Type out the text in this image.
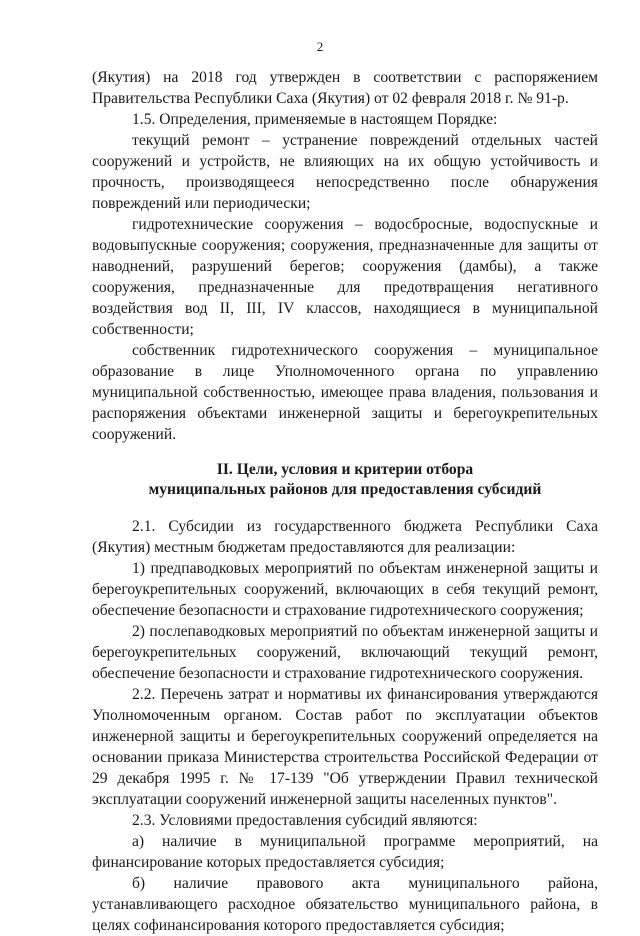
2

(Якутия) на 2018 год утвержден в соответствии с распоряжением Правительства Республики Саха (Якутия) от 02 февраля 2018 г. № 91-р.

1.5. Определения, применяемые в настоящем Порядке:

текущий ремонт – устранение повреждений отдельных частей сооружений и устройств, не влияющих на их общую устойчивость и прочность, производящееся непосредственно после обнаружения повреждений или периодически;

гидротехнические сооружения – водосбросные, водоспускные и водовыпускные сооружения; сооружения, предназначенные для защиты от наводнений, разрушений берегов; сооружения (дамбы), а также сооружения, предназначенные для предотвращения негативного воздействия вод II, III, IV классов, находящиеся в муниципальной собственности;

собственник гидротехнического сооружения – муниципальное образование в лице Уполномоченного органа по управлению муниципальной собственностью, имеющее права владения, пользования и распоряжения объектами инженерной защиты и берегоукрепительных сооружений.

II. Цели, условия и критерии отбора
муниципальных районов для предоставления субсидий

2.1. Субсидии из государственного бюджета Республики Саха (Якутия) местным бюджетам предоставляются для реализации:

1) предпаводковых мероприятий по объектам инженерной защиты и берегоукрепительных сооружений, включающих в себя текущий ремонт, обеспечение безопасности и страхование гидротехнического сооружения;

2) послепаводковых мероприятий по объектам инженерной защиты и берегоукрепительных сооружений, включающий текущий ремонт, обеспечение безопасности и страхование гидротехнического сооружения.

2.2. Перечень затрат и нормативы их финансирования утверждаются Уполномоченным органом. Состав работ по эксплуатации объектов инженерной защиты и берегоукрепительных сооружений определяется на основании приказа Министерства строительства Российской Федерации от 29 декабря 1995 г. № 17-139 "Об утверждении Правил технической эксплуатации сооружений инженерной защиты населенных пунктов".

2.3. Условиями предоставления субсидий являются:

а) наличие в муниципальной программе мероприятий, на финансирование которых предоставляется субсидия;

б) наличие правового акта муниципального района, устанавливающего расходное обязательство муниципального района, в целях софинансирования которого предоставляется субсидия;
